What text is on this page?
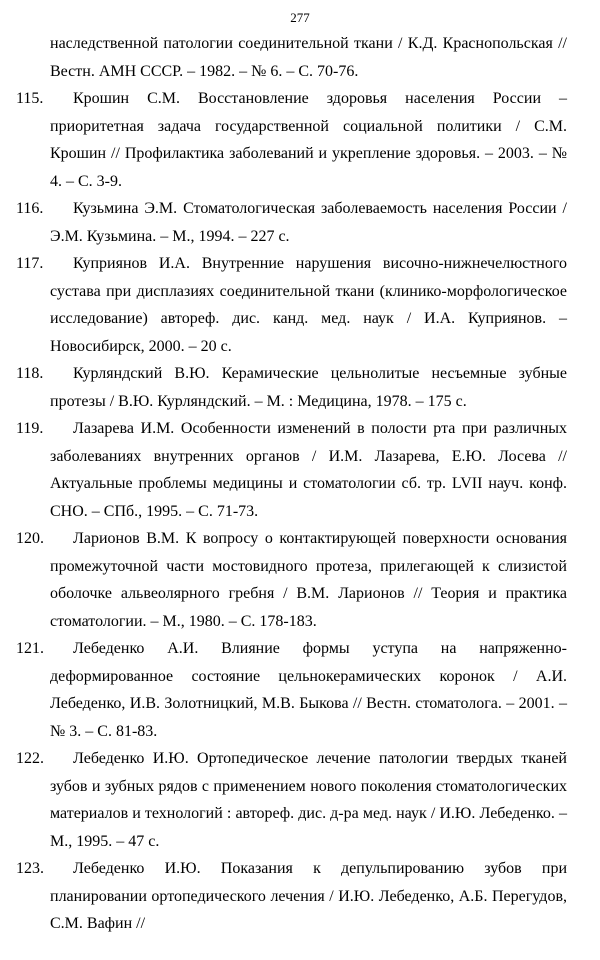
277

наследственной патологии соединительной ткани / К.Д. Краснопольская // Вестн. АМН СССР. – 1982. – № 6. – С. 70-76.

115. Крошин С.М. Восстановление здоровья населения России – приоритетная задача государственной социальной политики / С.М. Крошин // Профилактика заболеваний и укрепление здоровья. – 2003. – № 4. – С. 3-9.

116. Кузьмина Э.М. Стоматологическая заболеваемость населения России / Э.М. Кузьмина. – М., 1994. – 227 с.

117. Куприянов И.А. Внутренние нарушения височно-нижнечелюстного сустава при дисплазиях соединительной ткани (клинико-морфологическое исследование) автореф. дис. канд. мед. наук / И.А. Куприянов. – Новосибирск, 2000. – 20 с.

118. Курляндский В.Ю. Керамические цельнолитые несъемные зубные протезы / В.Ю. Курляндский. – М. : Медицина, 1978. – 175 с.

119. Лазарева И.М. Особенности изменений в полости рта при различных заболеваниях внутренних органов / И.М. Лазарева, Е.Ю. Лосева // Актуальные проблемы медицины и стоматологии сб. тр. LVII науч. конф. СНО. – СПб., 1995. – С. 71-73.

120. Ларионов В.М. К вопросу о контактирующей поверхности основания промежуточной части мостовидного протеза, прилегающей к слизистой оболочке альвеолярного гребня / В.М. Ларионов // Теория и практика стоматологии. – М., 1980. – С. 178-183.

121. Лебеденко А.И. Влияние формы уступа на напряженно-деформированное состояние цельнокерамических коронок / А.И. Лебеденко, И.В. Золотницкий, М.В. Быкова // Вестн. стоматолога. – 2001. – № 3. – С. 81-83.

122. Лебеденко И.Ю. Ортопедическое лечение патологии твердых тканей зубов и зубных рядов с применением нового поколения стоматологических материалов и технологий : автореф. дис. д-ра мед. наук / И.Ю. Лебеденко. – М., 1995. – 47 с.

123. Лебеденко И.Ю. Показания к депульпированию зубов при планировании ортопедического лечения / И.Ю. Лебеденко, А.Б. Перегудов, С.М. Вафин //
